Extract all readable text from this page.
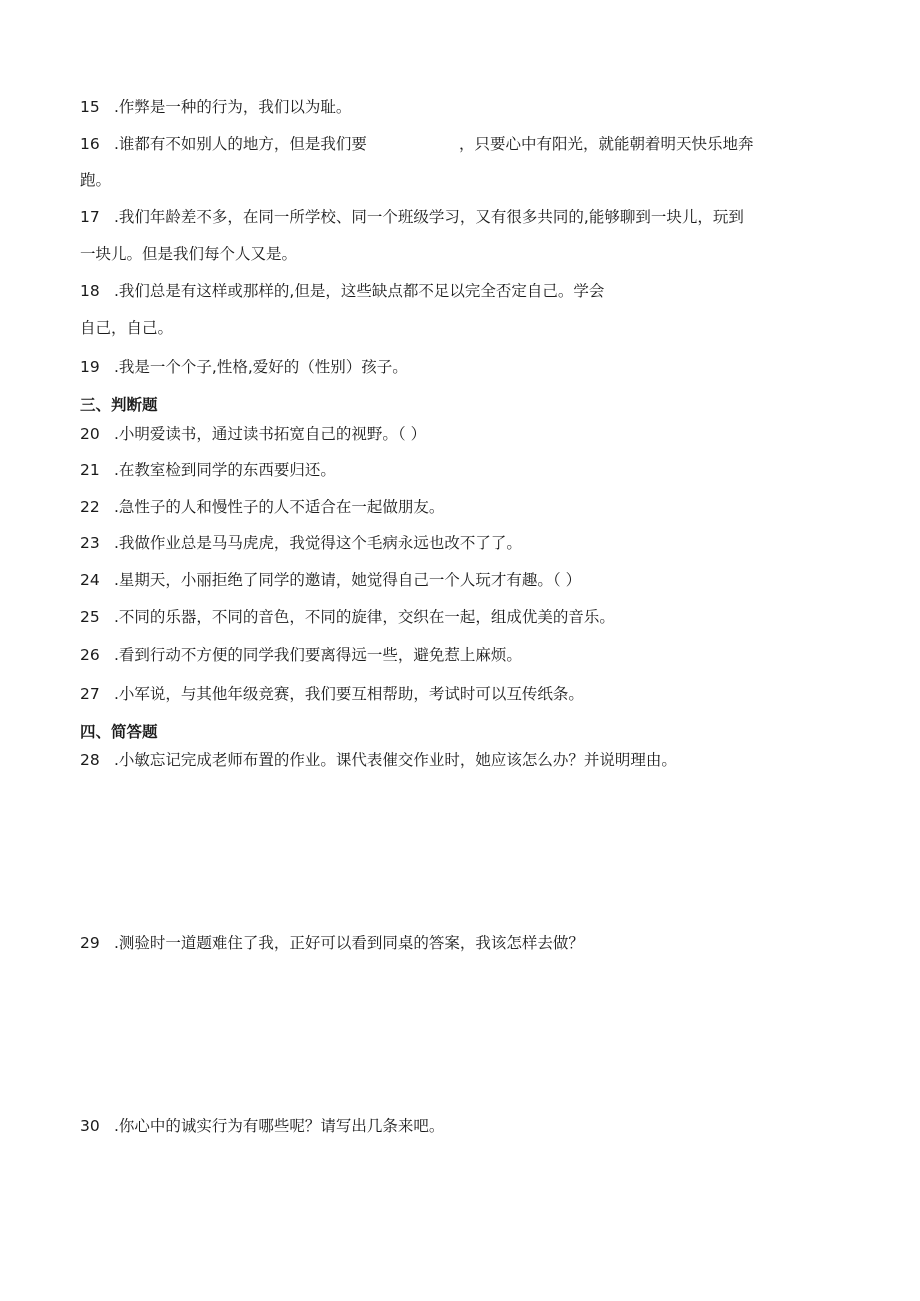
15 .作弊是一种的行为，我们以为耻。
16 .谁都有不如别人的地方，但是我们要	，只要心中有阳光，就能朝着明天快乐地奔
跑。
17 .我们年龄差不多，在同一所学校、同一个班级学习，又有很多共同的,能够聊到一块儿，玩到
一块儿。但是我们每个人又是。
18 .我们总是有这样或那样的,但是，这些缺点都不足以完全否定自己。学会
自己，自己。
19 .我是一个个子,性格,爱好的（性别）孩子。
三、判断题
20 .小明爱读书，通过读书拓宽自己的视野。（ ）
21 .在教室检到同学的东西要归还。
22 .急性子的人和慢性子的人不适合在一起做朋友。
23 .我做作业总是马马虎虎，我觉得这个毛病永远也改不了了。
24 .星期天，小丽拒绝了同学的邀请，她觉得自己一个人玩才有趣。（ ）
25 .不同的乐器，不同的音色，不同的旋律，交织在一起，组成优美的音乐。
26 .看到行动不方便的同学我们要离得远一些，避免惹上麻烦。
27 .小军说，与其他年级竞赛，我们要互相帮助，考试时可以互传纸条。
四、简答题
28 .小敏忘记完成老师布置的作业。课代表催交作业时，她应该怎么办？并说明理由。
29 .测验时一道题难住了我，正好可以看到同桌的答案，我该怎样去做？
30 .你心中的诚实行为有哪些呢？请写出几条来吧。
